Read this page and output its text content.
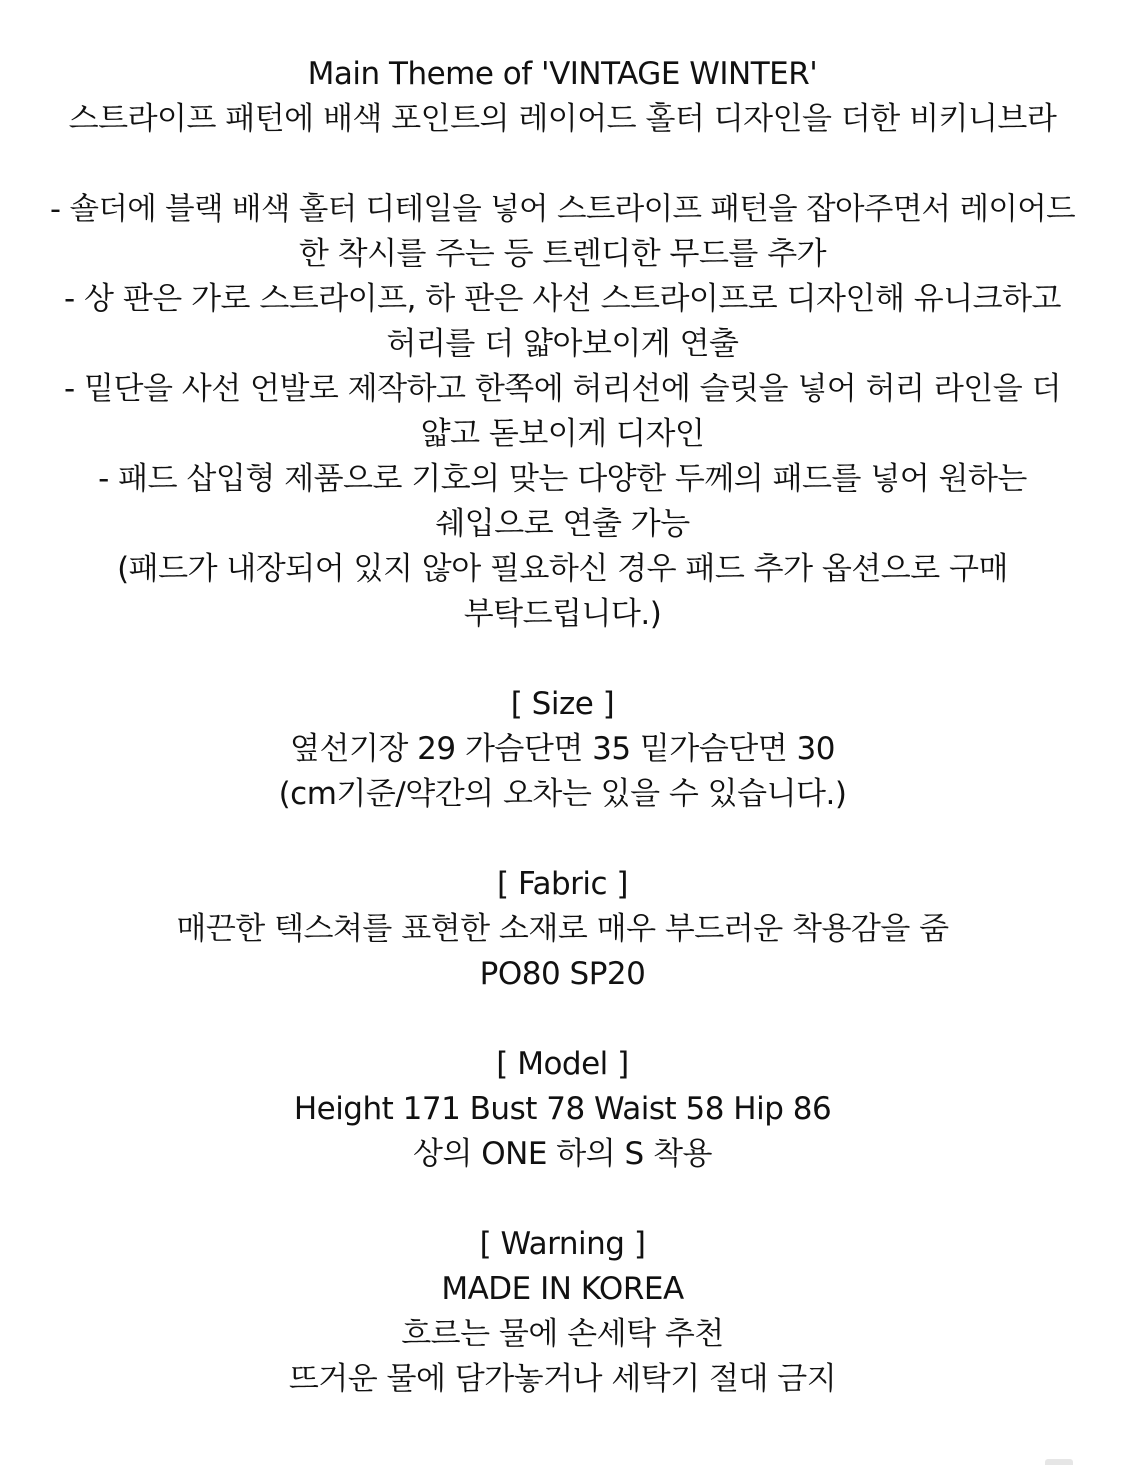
Main Theme of 'VINTAGE WINTER'
스트라이프 패턴에 배색 포인트의 레이어드 홀터 디자인을 더한 비키니브라
- 숄더에 블랙 배색 홀터 디테일을 넣어 스트라이프 패턴을 잡아주면서 레이어드
한 착시를 주는 등 트렌디한 무드를 추가
- 상 판은 가로 스트라이프, 하 판은 사선 스트라이프로 디자인해 유니크하고
허리를 더 얇아보이게 연출
- 밑단을 사선 언발로 제작하고 한쪽에 허리선에 슬릿을 넣어 허리 라인을 더
얇고 돋보이게 디자인
- 패드 삽입형 제품으로 기호의 맞는 다양한 두께의 패드를 넣어 원하는
쉐입으로 연출 가능
(패드가 내장되어 있지 않아 필요하신 경우 패드 추가 옵션으로 구매
부탁드립니다.)
[ Size ]
옆선기장 29 가슴단면 35 밑가슴단면 30
(cm기준/약간의 오차는 있을 수 있습니다.)
[ Fabric ]
매끈한 텍스쳐를 표현한 소재로 매우 부드러운 착용감을 줌
PO80 SP20
[ Model ]
Height 171 Bust 78 Waist 58 Hip 86
상의 ONE 하의 S 착용
[ Warning ]
MADE IN KOREA
흐르는 물에 손세탁 추천
뜨거운 물에 담가놓거나 세탁기 절대 금지
